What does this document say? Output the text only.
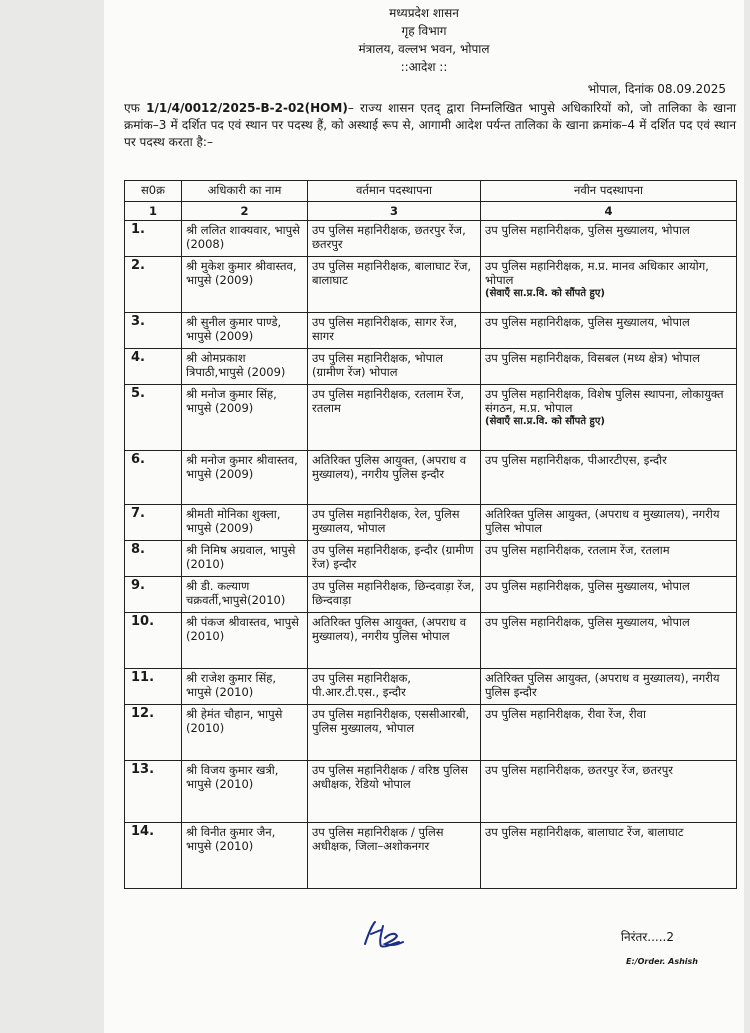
मध्यप्रदेश शासन
गृह विभाग
मंत्रालय, वल्लभ भवन, भोपाल
::आदेश ::
भोपाल, दिनांक 08.09.2025
एफ 1/1/4/0012/2025-B-2-02(HOM)– राज्य शासन एतद् द्वारा निम्नलिखित भापुसे अधिकारियों को, जो तालिका के खाना क्रमांक–3 में दर्शित पद एवं स्थान पर पदस्थ हैं, को अस्थाई रूप से, आगामी आदेश पर्यन्त तालिका के खाना क्रमांक–4 में दर्शित पद एवं स्थान पर पदस्थ करता है:–
स0क्र	अधिकारी का नाम	वर्तमान पदस्थापना	नवीन पदस्थापना
1	2	3	4
1.	श्री ललित शाक्यवार, भापुसे (2008)	उप पुलिस महानिरीक्षक, छतरपुर रेंज, छतरपुर	उप पुलिस महानिरीक्षक, पुलिस मुख्यालय, भोपाल
2.	श्री मुकेश कुमार श्रीवास्तव, भापुसे (2009)	उप पुलिस महानिरीक्षक, बालाघाट रेंज, बालाघाट	उप पुलिस महानिरीक्षक, म.प्र. मानव अधिकार आयोग, भोपाल
(सेवाएँ सा.प्र.वि. को सौंपते हुए)

3.	श्री सुनील कुमार पाण्डे, भापुसे (2009)	उप पुलिस महानिरीक्षक, सागर रेंज, सागर	उप पुलिस महानिरीक्षक, पुलिस मुख्यालय, भोपाल
4.	श्री ओमप्रकाश त्रिपाठी,भापुसे (2009)	उप पुलिस महानिरीक्षक, भोपाल (ग्रामीण रेंज) भोपाल	उप पुलिस महानिरीक्षक, विसबल (मध्य क्षेत्र) भोपाल
5.	श्री मनोज कुमार सिंह, भापुसे (2009)	उप पुलिस महानिरीक्षक, रतलाम रेंज, रतलाम	उप पुलिस महानिरीक्षक, विशेष पुलिस स्थापना, लोकायुक्त संगठन, म.प्र. भोपाल
(सेवाएँ सा.प्र.वि. को सौंपते हुए)

6.	श्री मनोज कुमार श्रीवास्तव, भापुसे (2009)	अतिरिक्त पुलिस आयुक्त, (अपराध व मुख्यालय), नगरीय पुलिस इन्दौर	उप पुलिस महानिरीक्षक, पीआरटीएस, इन्दौर
7.	श्रीमती मोनिका शुक्ला, भापुसे (2009)	उप पुलिस महानिरीक्षक, रेल, पुलिस मुख्यालय, भोपाल	अतिरिक्त पुलिस आयुक्त, (अपराध व मुख्यालय), नगरीय पुलिस भोपाल
8.	श्री निमिष अग्रवाल, भापुसे (2010)	उप पुलिस महानिरीक्षक, इन्दौर (ग्रामीण रेंज) इन्दौर	उप पुलिस महानिरीक्षक, रतलाम रेंज, रतलाम
9.	श्री डी. कल्याण चक्रवर्ती,भापुसे(2010)	उप पुलिस महानिरीक्षक, छिन्दवाड़ा रेंज, छिन्दवाड़ा	उप पुलिस महानिरीक्षक, पुलिस मुख्यालय, भोपाल
10.	श्री पंकज श्रीवास्तव, भापुसे (2010)	अतिरिक्त पुलिस आयुक्त, (अपराध व मुख्यालय), नगरीय पुलिस भोपाल	उप पुलिस महानिरीक्षक, पुलिस मुख्यालय, भोपाल
11.	श्री राजेश कुमार सिंह, भापुसे (2010)	उप पुलिस महानिरीक्षक, पी.आर.टी.एस., इन्दौर	अतिरिक्त पुलिस आयुक्त, (अपराध व मुख्यालय), नगरीय पुलिस इन्दौर
12.	श्री हेमंत चौहान, भापुसे (2010)	उप पुलिस महानिरीक्षक, एससीआरबी, पुलिस मुख्यालय, भोपाल	उप पुलिस महानिरीक्षक, रीवा रेंज, रीवा
13.	श्री विजय कुमार खत्री, भापुसे (2010)	उप पुलिस महानिरीक्षक / वरिष्ठ पुलिस अधीक्षक, रेडियो भोपाल	उप पुलिस महानिरीक्षक, छतरपुर रेंज, छतरपुर
14.	श्री विनीत कुमार जैन, भापुसे (2010)	उप पुलिस महानिरीक्षक / पुलिस अधीक्षक, जिला–अशोकनगर	उप पुलिस महानिरीक्षक, बालाघाट रेंज, बालाघाट
निरंतर.....2
E:/Order. Ashish
